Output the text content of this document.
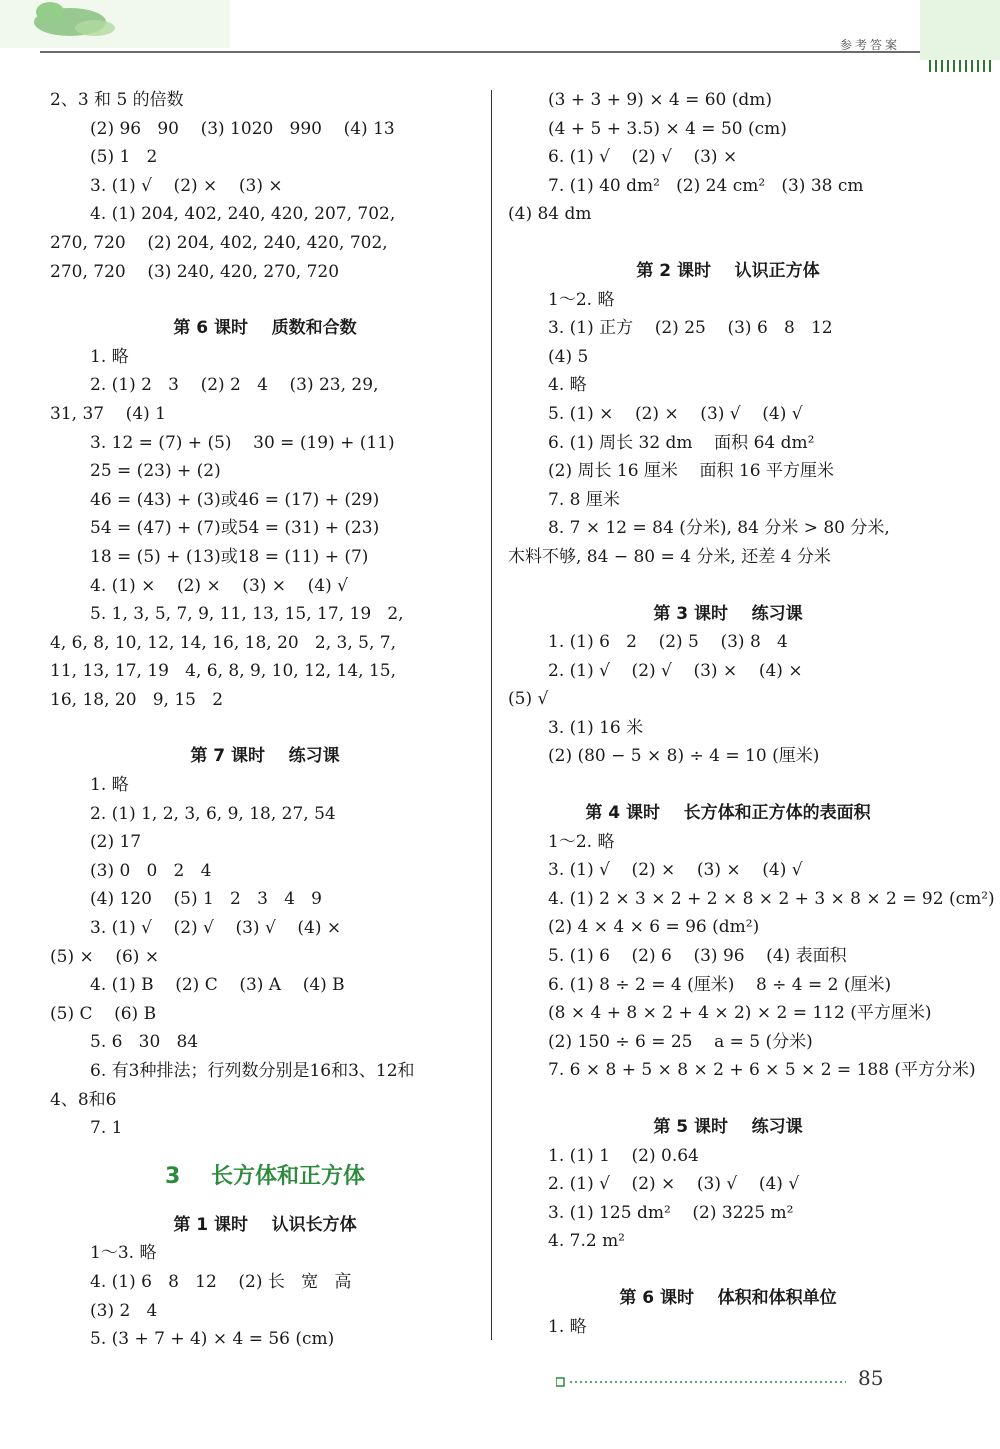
参考答案
2、3 和 5 的倍数
(2) 96   90    (3) 1020   990    (4) 13
(5) 1   2
3. (1) √    (2) ×    (3) ×
4. (1) 204, 402, 240, 420, 207, 702,
270, 720    (2) 204, 402, 240, 420, 702,
270, 720    (3) 240, 420, 270, 720
第 6 课时    质数和合数
1. 略
2. (1) 2   3    (2) 2   4    (3) 23, 29,
31, 37    (4) 1
3. 12 = (7) + (5)    30 = (19) + (11)
25 = (23) + (2)
46 = (43) + (3)或46 = (17) + (29)
54 = (47) + (7)或54 = (31) + (23)
18 = (5) + (13)或18 = (11) + (7)
4. (1) ×    (2) ×    (3) ×    (4) √
5. 1, 3, 5, 7, 9, 11, 13, 15, 17, 19   2,
4, 6, 8, 10, 12, 14, 16, 18, 20   2, 3, 5, 7,
11, 13, 17, 19   4, 6, 8, 9, 10, 12, 14, 15,
16, 18, 20   9, 15   2
第 7 课时    练习课
1. 略
2. (1) 1, 2, 3, 6, 9, 18, 27, 54
(2) 17
(3) 0   0   2   4
(4) 120    (5) 1   2   3   4   9
3. (1) √    (2) √    (3) √    (4) ×
(5) ×    (6) ×
4. (1) B    (2) C    (3) A    (4) B
(5) C    (6) B
5. 6   30   84
6. 有3种排法；行列数分别是16和3、12和
4、8和6
7. 1
3    长方体和正方体
第 1 课时    认识长方体
1～3. 略
4. (1) 6   8   12    (2) 长   宽   高
(3) 2   4
5. (3 + 7 + 4) × 4 = 56 (cm)
(3 + 3 + 9) × 4 = 60 (dm)
(4 + 5 + 3.5) × 4 = 50 (cm)
6. (1) √    (2) √    (3) ×
7. (1) 40 dm²   (2) 24 cm²   (3) 38 cm
(4) 84 dm
第 2 课时    认识正方体
1～2. 略
3. (1) 正方    (2) 25    (3) 6   8   12
(4) 5
4. 略
5. (1) ×    (2) ×    (3) √    (4) √
6. (1) 周长 32 dm    面积 64 dm²
(2) 周长 16 厘米    面积 16 平方厘米
7. 8 厘米
8. 7 × 12 = 84 (分米), 84 分米 > 80 分米,
木料不够, 84 − 80 = 4 分米, 还差 4 分米
第 3 课时    练习课
1. (1) 6   2    (2) 5    (3) 8   4
2. (1) √    (2) √    (3) ×    (4) ×
(5) √
3. (1) 16 米
(2) (80 − 5 × 8) ÷ 4 = 10 (厘米)
第 4 课时    长方体和正方体的表面积
1～2. 略
3. (1) √    (2) ×    (3) ×    (4) √
4. (1) 2 × 3 × 2 + 2 × 8 × 2 + 3 × 8 × 2 = 92 (cm²)
(2) 4 × 4 × 6 = 96 (dm²)
5. (1) 6    (2) 6    (3) 96    (4) 表面积
6. (1) 8 ÷ 2 = 4 (厘米)    8 ÷ 4 = 2 (厘米)
(8 × 4 + 8 × 2 + 4 × 2) × 2 = 112 (平方厘米)
(2) 150 ÷ 6 = 25    a = 5 (分米)
7. 6 × 8 + 5 × 8 × 2 + 6 × 5 × 2 = 188 (平方分米)
第 5 课时    练习课
1. (1) 1    (2) 0.64
2. (1) √    (2) ×    (3) √    (4) √
3. (1) 125 dm²    (2) 3225 m²
4. 7.2 m²
第 6 课时    体积和体积单位
1. 略
85
